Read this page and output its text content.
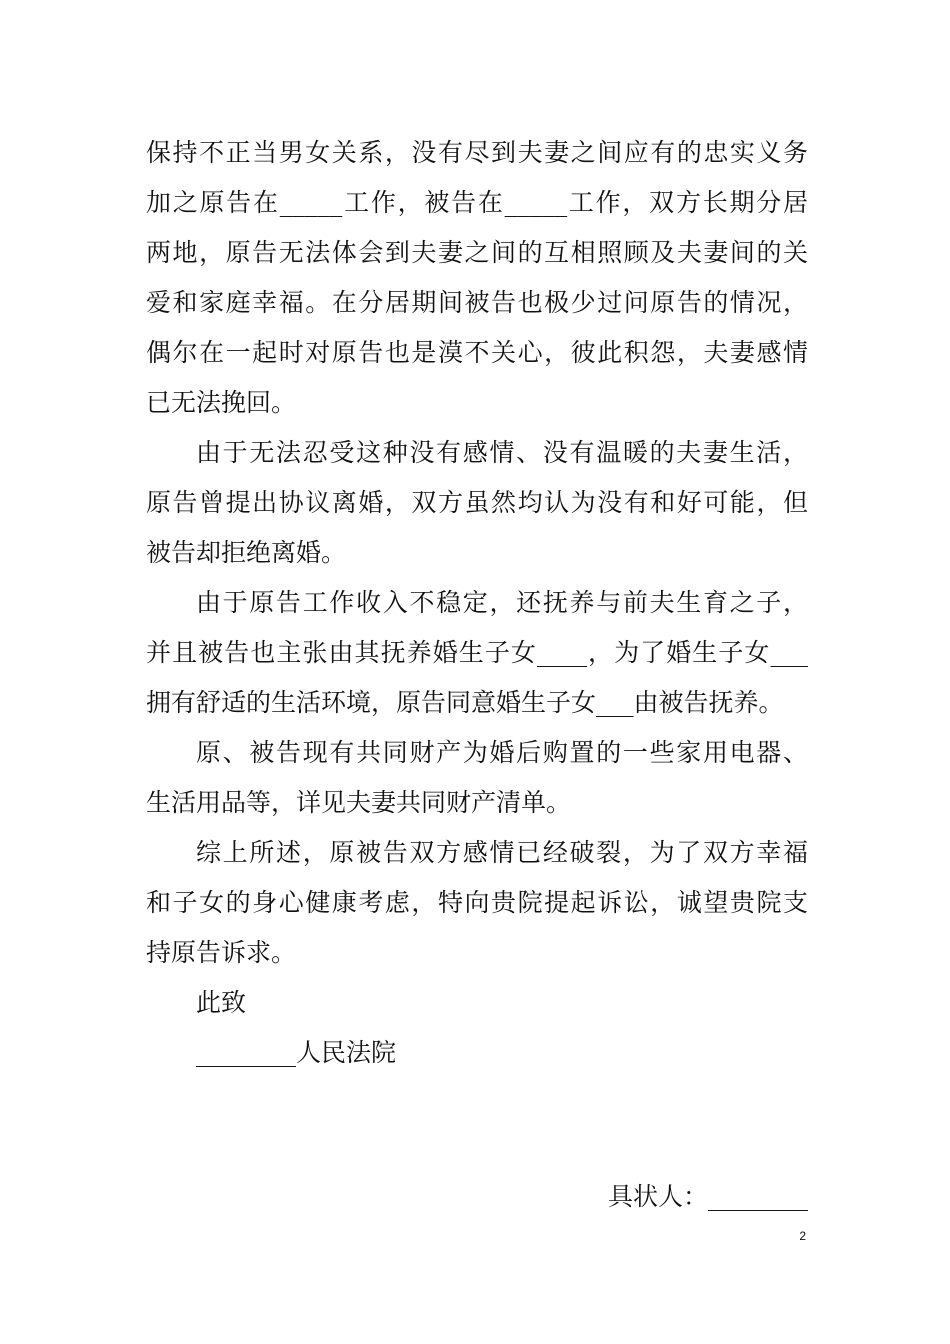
保持不正当男女关系，没有尽到夫妻之间应有的忠实义务
加之原告在_____工作，被告在_____工作，双方长期分居
两地，原告无法体会到夫妻之间的互相照顾及夫妻间的关
爱和家庭幸福。在分居期间被告也极少过问原告的情况，
偶尔在一起时对原告也是漠不关心，彼此积怨，夫妻感情
已无法挽回。
由于无法忍受这种没有感情、没有温暖的夫妻生活，
原告曾提出协议离婚，双方虽然均认为没有和好可能，但
被告却拒绝离婚。
由于原告工作收入不稳定，还抚养与前夫生育之子，
并且被告也主张由其抚养婚生子女____，为了婚生子女___
拥有舒适的生活环境，原告同意婚生子女___由被告抚养。
原、被告现有共同财产为婚后购置的一些家用电器、
生活用品等，详见夫妻共同财产清单。
综上所述，原被告双方感情已经破裂，为了双方幸福
和子女的身心健康考虑，特向贵院提起诉讼，诚望贵院支
持原告诉求。
此致
________人民法院
具状人：________
2
